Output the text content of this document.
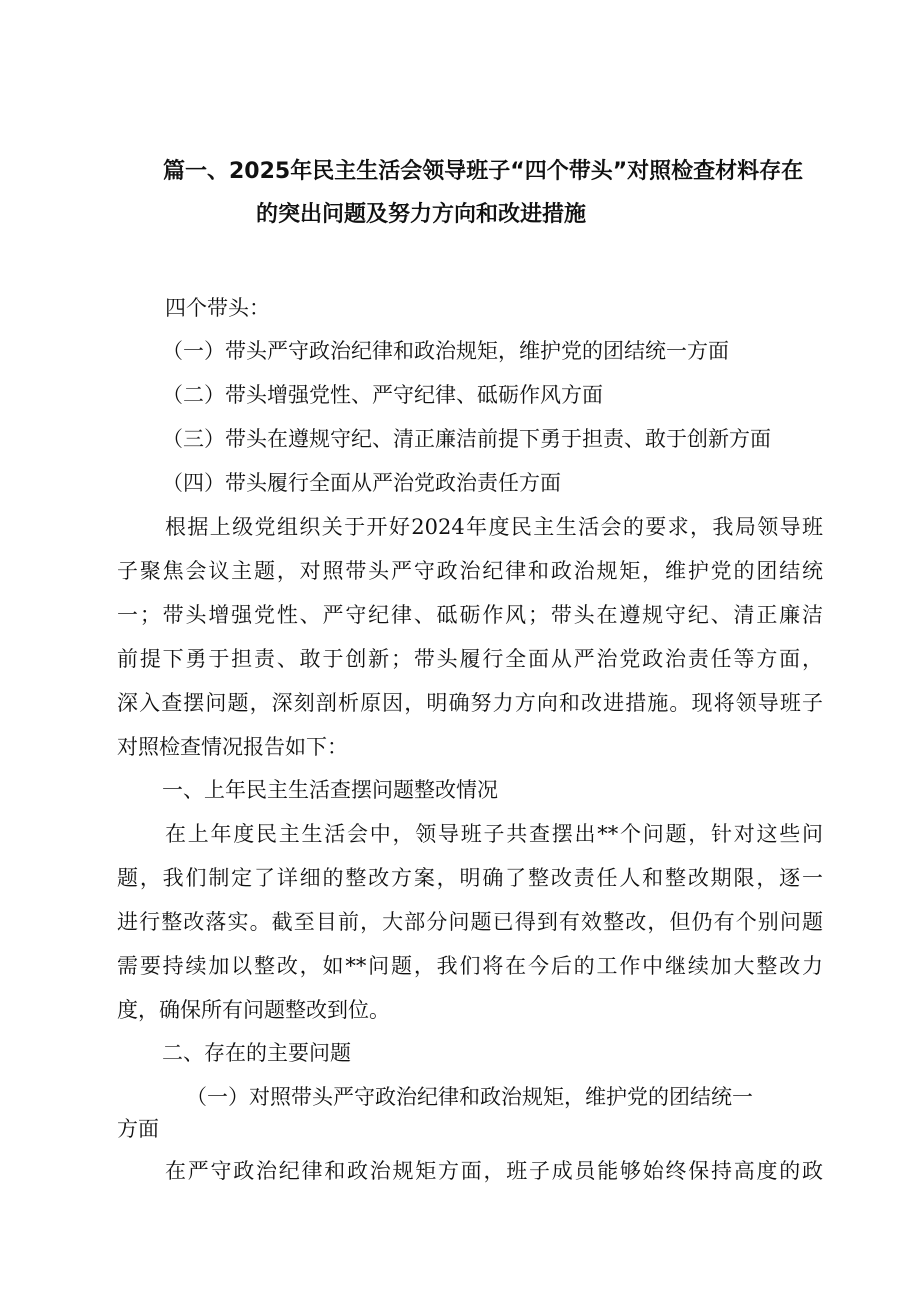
篇一、2025年民主生活会领导班子“四个带头”对照检查材料存在
的突出问题及努力方向和改进措施
四个带头：
（一）带头严守政治纪律和政治规矩，维护党的团结统一方面
（二）带头增强党性、严守纪律、砥砺作风方面
（三）带头在遵规守纪、清正廉洁前提下勇于担责、敢于创新方面
（四）带头履行全面从严治党政治责任方面
根据上级党组织关于开好2024年度民主生活会的要求，我局领导班
子聚焦会议主题，对照带头严守政治纪律和政治规矩，维护党的团结统
一；带头增强党性、严守纪律、砥砺作风；带头在遵规守纪、清正廉洁
前提下勇于担责、敢于创新；带头履行全面从严治党政治责任等方面，
深入查摆问题，深刻剖析原因，明确努力方向和改进措施。现将领导班子
对照检查情况报告如下：
一、上年民主生活查摆问题整改情况
在上年度民主生活会中，领导班子共查摆出**个问题，针对这些问
题，我们制定了详细的整改方案，明确了整改责任人和整改期限，逐一
进行整改落实。截至目前，大部分问题已得到有效整改，但仍有个别问题
需要持续加以整改，如**问题，我们将在今后的工作中继续加大整改力
度，确保所有问题整改到位。
二、存在的主要问题
（一）对照带头严守政治纪律和政治规矩，维护党的团结统一
方面
在严守政治纪律和政治规矩方面，班子成员能够始终保持高度的政
